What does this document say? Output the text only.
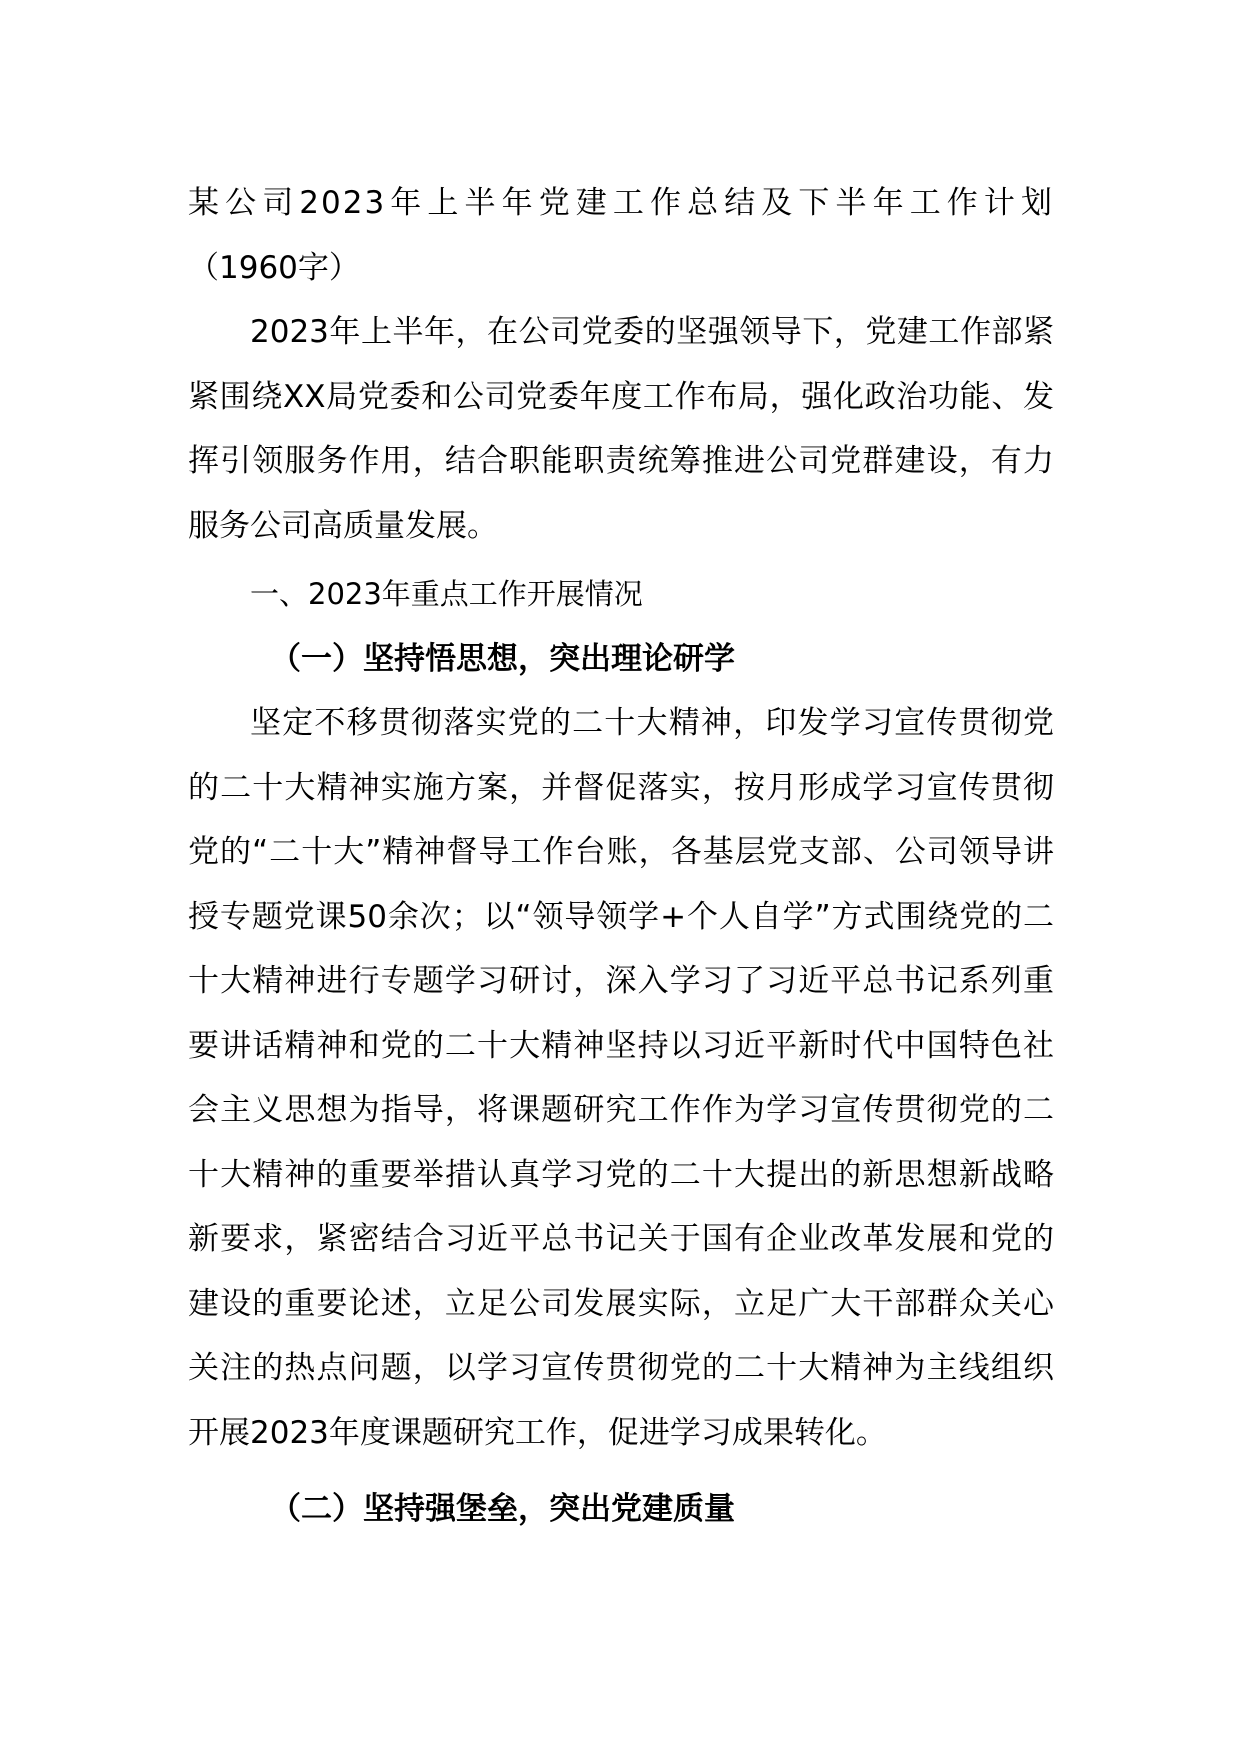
某公司2023年上半年党建工作总结及下半年工作计划

（1960字）

2023年上半年，在公司党委的坚强领导下，党建工作部紧紧围绕XX局党委和公司党委年度工作布局，强化政治功能、发挥引领服务作用，结合职能职责统筹推进公司党群建设，有力服务公司高质量发展。

一、2023年重点工作开展情况

（一）坚持悟思想，突出理论研学

坚定不移贯彻落实党的二十大精神，印发学习宣传贯彻党的二十大精神实施方案，并督促落实，按月形成学习宣传贯彻党的“二十大”精神督导工作台账，各基层党支部、公司领导讲授专题党课50余次；以“领导领学+个人自学”方式围绕党的二十大精神进行专题学习研讨，深入学习了习近平总书记系列重要讲话精神和党的二十大精神坚持以习近平新时代中国特色社会主义思想为指导，将课题研究工作作为学习宣传贯彻党的二十大精神的重要举措认真学习党的二十大提出的新思想新战略新要求，紧密结合习近平总书记关于国有企业改革发展和党的建设的重要论述，立足公司发展实际，立足广大干部群众关心关注的热点问题，以学习宣传贯彻党的二十大精神为主线组织开展2023年度课题研究工作，促进学习成果转化。

（二）坚持强堡垒，突出党建质量
